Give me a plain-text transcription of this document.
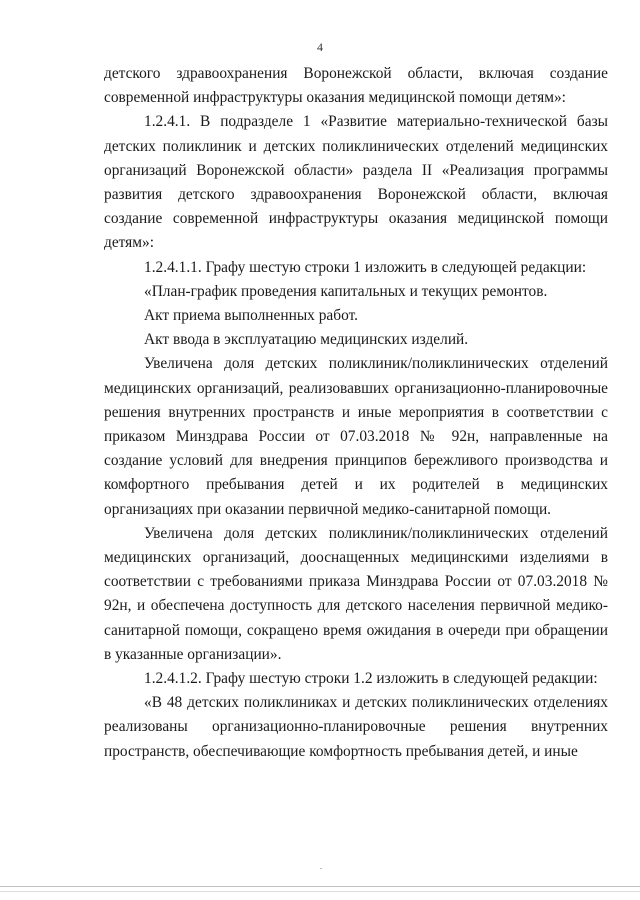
4

детского здравоохранения Воронежской области, включая создание современной инфраструктуры оказания медицинской помощи детям»:

1.2.4.1. В подразделе 1 «Развитие материально-технической базы детских поликлиник и детских поликлинических отделений медицинских организаций Воронежской области» раздела II «Реализация программы развития детского здравоохранения Воронежской области, включая создание современной инфраструктуры оказания медицинской помощи детям»:

1.2.4.1.1. Графу шестую строки 1 изложить в следующей редакции:

«План-график проведения капитальных и текущих ремонтов.

Акт приема выполненных работ.

Акт ввода в эксплуатацию медицинских изделий.

Увеличена доля детских поликлиник/поликлинических отделений медицинских организаций, реализовавших организационно-планировочные решения внутренних пространств и иные мероприятия в соответствии с приказом Минздрава России от 07.03.2018 № 92н, направленные на создание условий для внедрения принципов бережливого производства и комфортного пребывания детей и их родителей в медицинских организациях при оказании первичной медико-санитарной помощи.

Увеличена доля детских поликлиник/поликлинических отделений медицинских организаций, дооснащенных медицинскими изделиями в соответствии с требованиями приказа Минздрава России от 07.03.2018 № 92н, и обеспечена доступность для детского населения первичной медико-санитарной помощи, сокращено время ожидания в очереди при обращении в указанные организации».

1.2.4.1.2. Графу шестую строки 1.2 изложить в следующей редакции:

«В 48 детских поликлиниках и детских поликлинических отделениях реализованы организационно-планировочные решения внутренних пространств, обеспечивающие комфортность пребывания детей, и иные
